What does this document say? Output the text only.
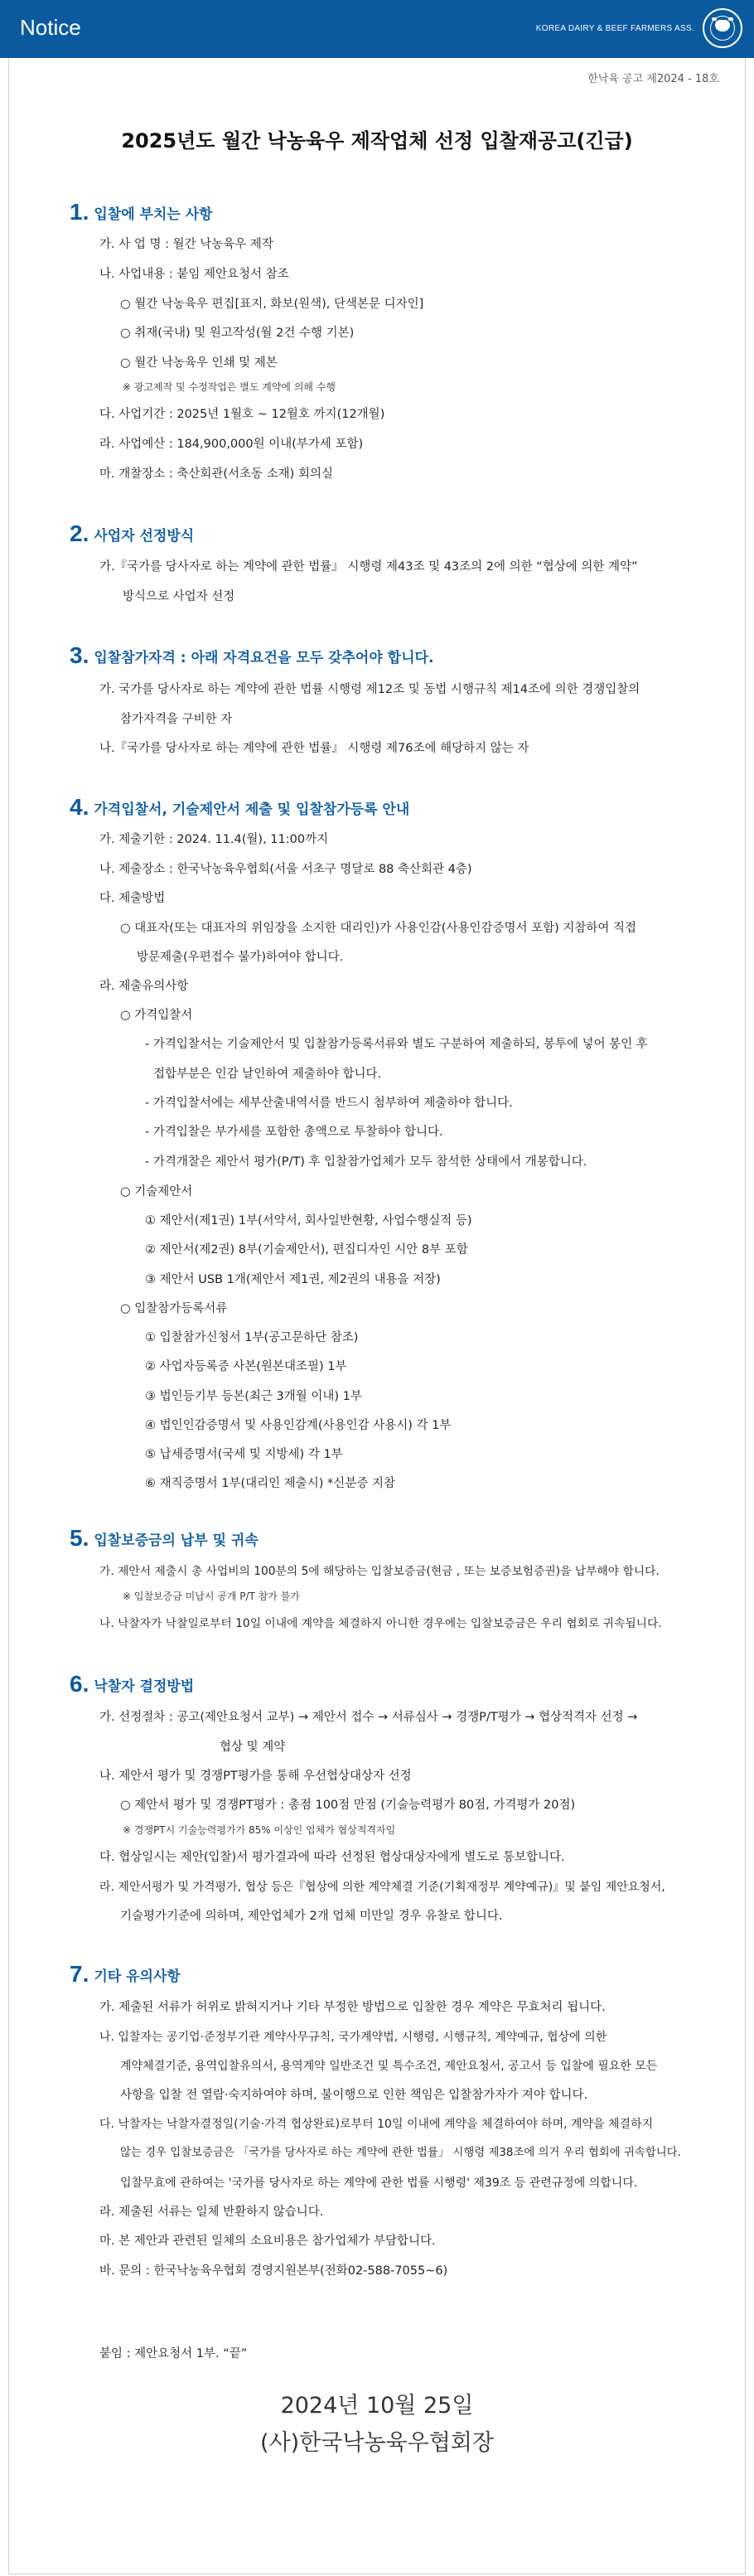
Notice	KOREA DAIRY & BEEF FARMERS ASS.
한낙육 공고 제2024 - 18호
2025년도 월간 낙농육우 제작업체 선정 입찰재공고(긴급)
1. 입찰에 부치는 사항
가. 사 업 명 : 월간 낙농육우 제작
나. 사업내용 : 붙임 제안요청서 참조
○ 월간 낙농육우 편집[표지, 화보(원색), 단색본문 디자인]
○ 취재(국내) 및 원고작성(월 2건 수행 기본)
○ 월간 낙농육우 인쇄 및 제본
※ 광고제작 및 수정작업은 별도 계약에 의해 수행
다. 사업기간 : 2025년 1월호 ~ 12월호 까지(12개월)
라. 사업예산 : 184,900,000원 이내(부가세 포함)
마. 개찰장소 : 축산회관(서초동 소재) 회의실
2. 사업자 선정방식
가.『국가를 당사자로 하는 계약에 관한 법률』 시행령 제43조 및 43조의 2에 의한 “협상에 의한 계약”
방식으로 사업자 선정
3. 입찰참가자격 : 아래 자격요건을 모두 갖추어야 합니다.
가. 국가를 당사자로 하는 계약에 관한 법률 시행령 제12조 및 동법 시행규칙 제14조에 의한 경쟁입찰의
참가자격을 구비한 자
나.『국가를 당사자로 하는 계약에 관한 법률』 시행령 제76조에 해당하지 않는 자
4. 가격입찰서, 기술제안서 제출 및 입찰참가등록 안내
가. 제출기한 : 2024. 11.4(월), 11:00까지
나. 제출장소 : 한국낙농육우협회(서울 서초구 명달로 88 축산회관 4층)
다. 제출방법
○ 대표자(또는 대표자의 위임장을 소지한 대리인)가 사용인감(사용인감증명서 포함) 지참하여 직접
방문제출(우편접수 불가)하여야 합니다.
라. 제출유의사항
○ 가격입찰서
- 가격입찰서는 기술제안서 및 입찰참가등록서류와 별도 구분하여 제출하되, 봉투에 넣어 봉인 후
접합부분은 인감 날인하여 제출하야 합니다.
- 가격입찰서에는 세부산출내역서를 반드시 첨부하여 제출하야 합니다.
- 가격입찰은 부가세를 포함한 총액으로 투찰하야 합니다.
- 가격개찰은 제안서 평가(P/T) 후 입찰참가업체가 모두 참석한 상태에서 개봉합니다.
○ 기술제안서
① 제안서(제1권) 1부(서약서, 회사일반현황, 사업수행실적 등)
② 제안서(제2권) 8부(기술제안서), 편집디자인 시안 8부 포함
③ 제안서 USB 1개(제안서 제1권, 제2권의 내용을 저장)
○ 입찰참가등록서류
① 입찰참가신청서 1부(공고문하단 참조)
② 사업자등록증 사본(원본대조필) 1부
③ 법인등기부 등본(최근 3개월 이내) 1부
④ 법인인감증명서 및 사용인감계(사용인감 사용시) 각 1부
⑤ 납세증명서(국세 및 지방세) 각 1부
⑥ 재직증명서 1부(대리인 제출시) *신분증 지참
5. 입찰보증금의 납부 및 귀속
가. 제안서 제출시 총 사업비의 100분의 5에 해당하는 입찰보증금(현금 , 또는 보증보험증권)을 납부해야 합니다.
※ 입찰보증금 미납시 공개 P/T 참가 불가
나. 낙찰자가 낙찰일로부터 10일 이내에 계약을 체결하지 아니한 경우에는 입찰보증금은 우리 협회로 귀속됩니다.
6. 낙찰자 결정방법
가. 선정절차 : 공고(제안요청서 교부) → 제안서 접수 → 서류심사 → 경쟁P/T평가 → 협상적격자 선정 →
협상 및 계약
나. 제안서 평가 및 경쟁PT평가를 통해 우선협상대상자 선정
○ 제안서 평가 및 경쟁PT평가 : 총점 100점 만점 (기술능력평가 80점, 가격평가 20점)
※ 경쟁PT시 기술능력평가가 85% 이상인 업체가 협상적격자임
다. 협상일시는 제안(입찰)서 평가결과에 따라 선정된 협상대상자에게 별도로 통보합니다.
라. 제안서평가 및 가격평가, 협상 등은『협상에 의한 계약체결 기준(기획재정부 계약예규)』및 붙임 제안요청서,
기술평가기준에 의하며, 제안업체가 2개 업체 미만일 경우 유찰로 합니다.
7. 기타 유의사항
가. 제출된 서류가 허위로 밝혀지거나 기타 부정한 방법으로 입찰한 경우 계약은 무효처리 됩니다.
나. 입찰자는 공기업·준정부기관 계약사무규칙, 국가계약법, 시행령, 시행규칙, 계약예규, 협상에 의한
계약체결기준, 용역입찰유의서, 용역계약 일반조건 및 특수조건, 제안요청서, 공고서 등 입찰에 필요한 모든
사항을 입찰 전 열람·숙지하여야 하며, 불이행으로 인한 책임은 입찰참가자가 져야 합니다.
다. 낙찰자는 낙찰자결정일(기술·가격 협상완료)로부터 10일 이내에 계약을 체결하여야 하며, 계약을 체결하지
않는 경우 입찰보증금은 「국가를 당사자로 하는 계약에 관한 법률」 시행령 제38조에 의거 우리 협회에 귀속합니다.
입찰무효에 관하여는 '국가를 당사자로 하는 계약에 관한 법률 시행령' 제39조 등 관련규정에 의합니다.
라. 제출된 서류는 일체 반환하지 않습니다.
마. 본 제안과 관련된 일체의 소요비용은 참가업체가 부담합니다.
바. 문의 : 한국낙농육우협회 경영지원본부(전화02-588-7055~6)
붙임 : 제안요청서 1부. “끝”
2024년 10월 25일
(사)한국낙농육우협회장
